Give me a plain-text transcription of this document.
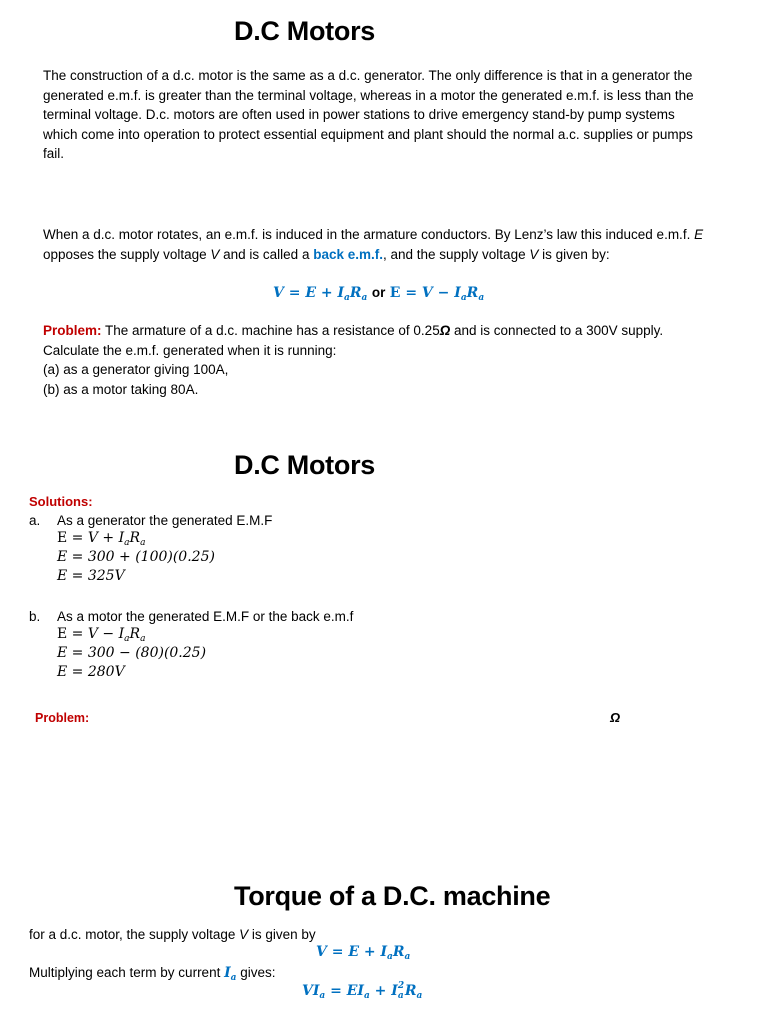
D.C Motors
The construction of a d.c. motor is the same as a d.c. generator. The only difference is that in a generator the generated e.m.f. is greater than the terminal voltage, whereas in a motor the generated e.m.f. is less than the terminal voltage. D.c. motors are often used in power stations to drive emergency stand-by pump systems which come into operation to protect essential equipment and plant should the normal a.c. supplies or pumps fail.
When a d.c. motor rotates, an e.m.f. is induced in the armature conductors. By Lenz’s law this induced e.m.f. E opposes the supply voltage V and is called a back e.m.f., and the supply voltage V is given by:
$V = E + I_aR_a$ or $E = V - I_aR_a$
Problem: The armature of a d.c. machine has a resistance of 0.25Ω and is connected to a 300V supply.
Calculate the e.m.f. generated when it is running:
(a) as a generator giving 100A,
(b) as a motor taking 80A.
D.C Motors
Solutions:
a. As a generator the generated E.M.F
$E = V + I_aR_a$
E = 300 + (100)(0.25)
E = 325V
b. As a motor the generated E.M.F or the back e.m.f
$E = V - I_aR_a$
E = 300 − (80)(0.25)
E = 280V
Problem:	Ω
Torque of a D.C. machine
for a d.c. motor, the supply voltage V is given by
$V = E + I_aR_a$
Multiplying each term by current $I_a$ gives:
$VI_a = EI_a + I$ 2
a $R_a$
